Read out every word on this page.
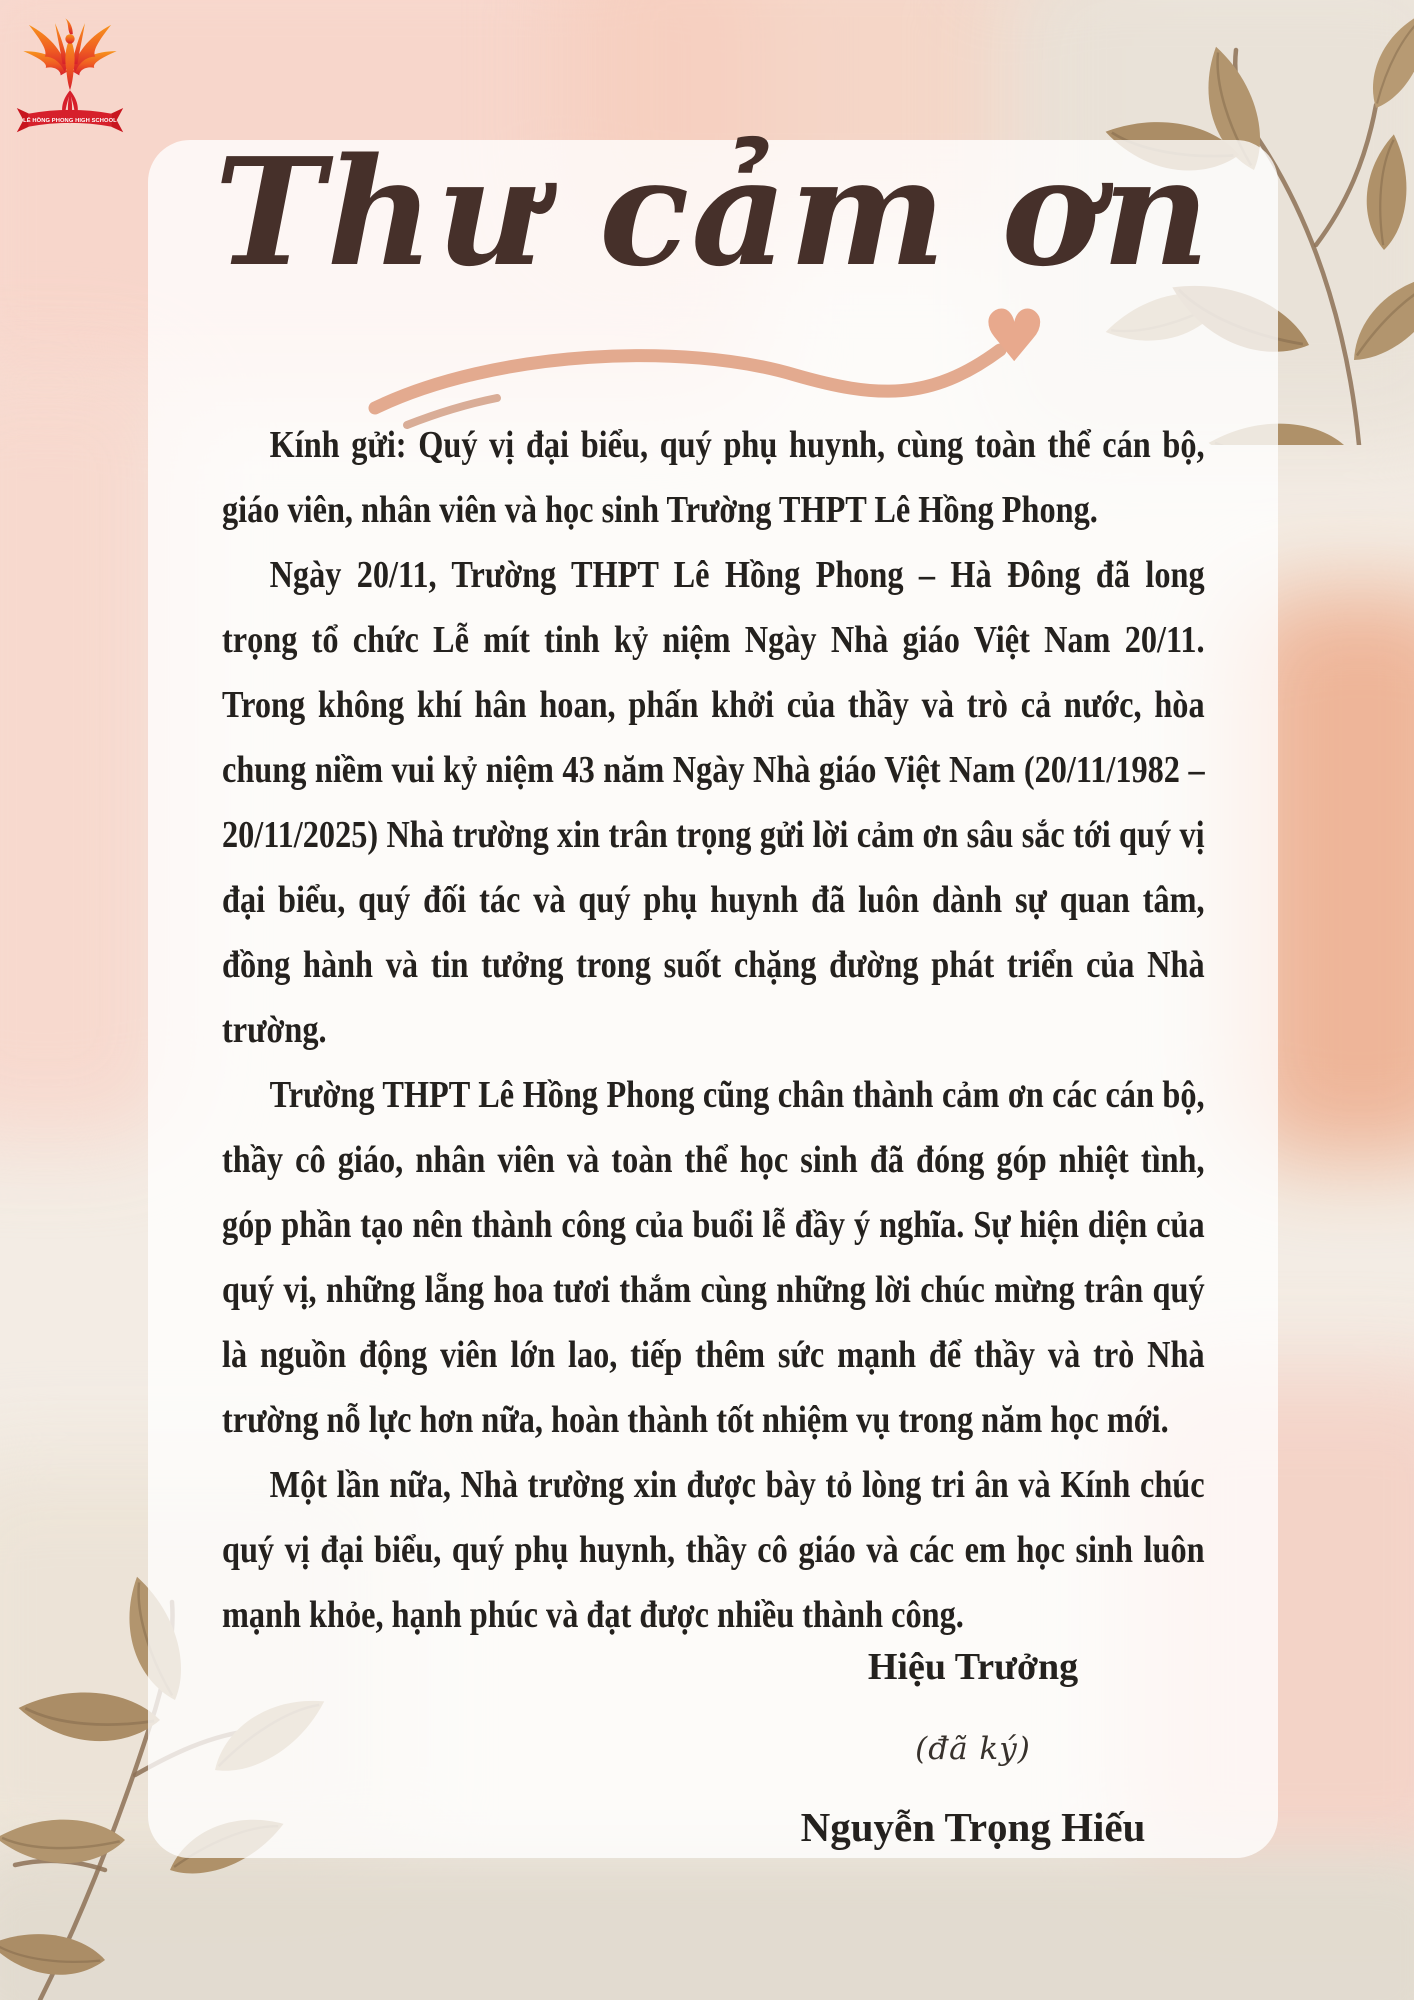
LÊ HỒNG PHONG HIGH SCHOOL
Thư cảm ơn
♥

Kính gửi: Quý vị đại biểu, quý phụ huynh, cùng toàn thể cán bộ, giáo viên, nhân viên và học sinh Trường THPT Lê Hồng Phong.

Ngày 20/11, Trường THPT Lê Hồng Phong – Hà Đông đã long trọng tổ chức Lễ mít tinh kỷ niệm Ngày Nhà giáo Việt Nam 20/11. Trong không khí hân hoan, phấn khởi của thầy và trò cả nước, hòa chung niềm vui kỷ niệm 43 năm Ngày Nhà giáo Việt Nam (20/11/1982 – 20/11/2025) Nhà trường xin trân trọng gửi lời cảm ơn sâu sắc tới quý vị đại biểu, quý đối tác và quý phụ huynh đã luôn dành sự quan tâm, đồng hành và tin tưởng trong suốt chặng đường phát triển của Nhà trường.

Trường THPT Lê Hồng Phong cũng chân thành cảm ơn các cán bộ, thầy cô giáo, nhân viên và toàn thể học sinh đã đóng góp nhiệt tình, góp phần tạo nên thành công của buổi lễ đầy ý nghĩa. Sự hiện diện của quý vị, những lẵng hoa tươi thắm cùng những lời chúc mừng trân quý là nguồn động viên lớn lao, tiếp thêm sức mạnh để thầy và trò Nhà trường nỗ lực hơn nữa, hoàn thành tốt nhiệm vụ trong năm học mới.

Một lần nữa, Nhà trường xin được bày tỏ lòng tri ân và Kính chúc quý vị đại biểu, quý phụ huynh, thầy cô giáo và các em học sinh luôn mạnh khỏe, hạnh phúc và đạt được nhiều thành công.

Hiệu Trưởng
(đã ký)
Nguyễn Trọng Hiếu
